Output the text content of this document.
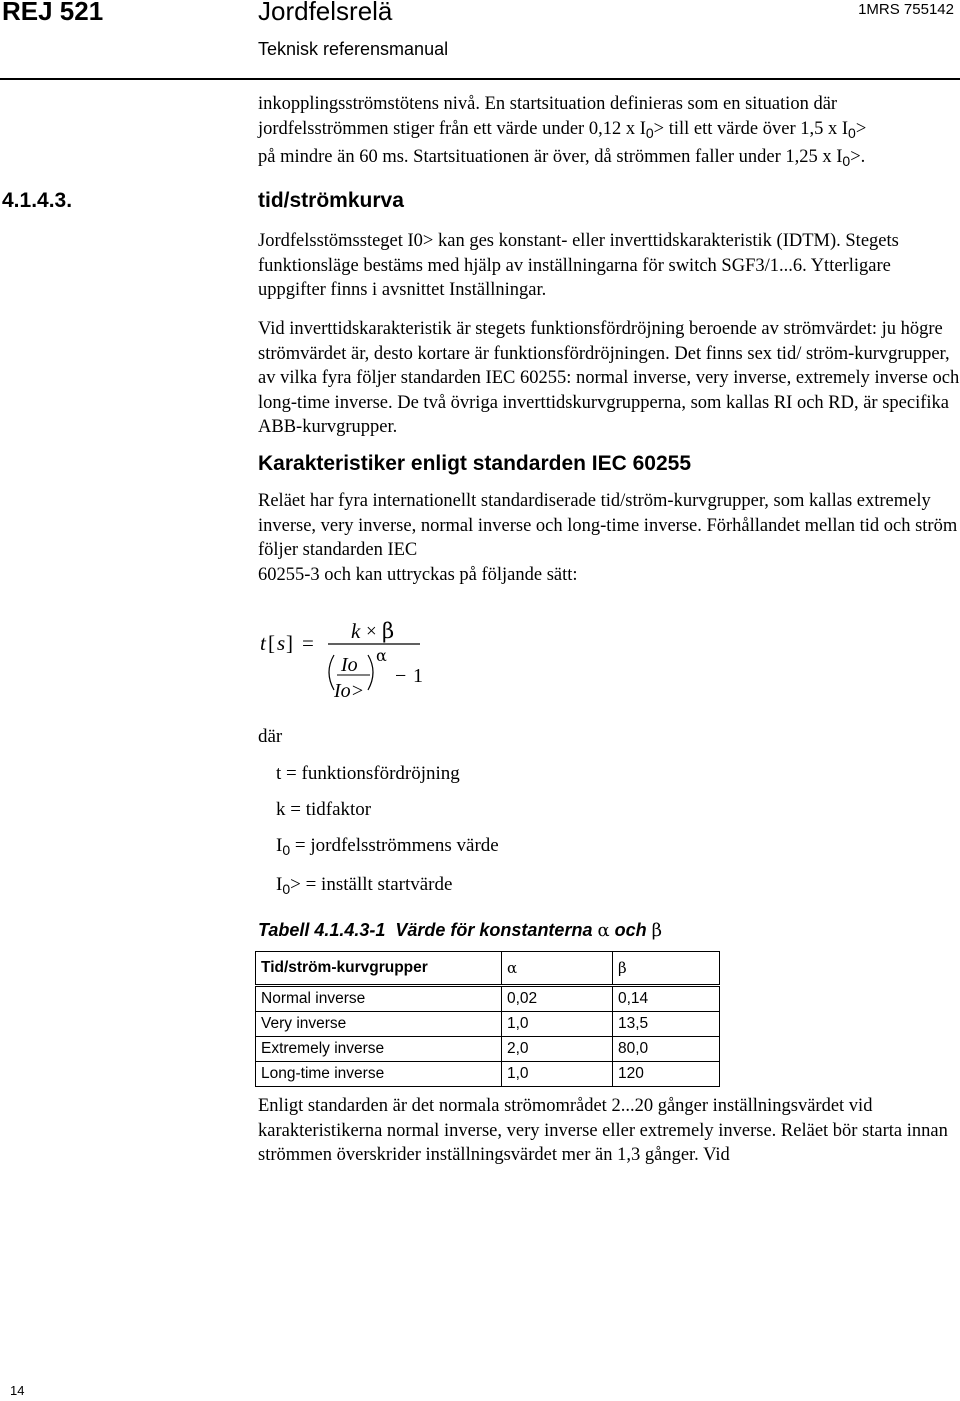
REJ 521	Jordfelsrelä	1MRS 755142
Teknisk referensmanual
inkopplingsströmstötens nivå. En startsituation definieras som en situation där
jordfelsströmmen stiger från ett värde under 0,12 x $I_0>$ till ett värde över 1,5 x $I_0>$
på mindre än 60 ms. Startsituationen är över, då strömmen faller under 1,25 x $I_0>$.
4.1.4.3.	tid/strömkurva

Jordfelsstömssteget I0> kan ges konstant- eller inverttidskarakteristik (IDTM). Stegets funktionsläge bestäms med hjälp av inställningarna för switch SGF3/1...6. Ytterligare uppgifter finns i avsnittet Inställningar.

Vid inverttidskarakteristik är stegets funktionsfördröjning beroende av strömvärdet: ju högre strömvärdet är, desto kortare är funktionsfördröjningen. Det finns sex tid/ ström-kurvgrupper, av vilka fyra följer standarden IEC 60255: normal inverse, very inverse, extremely inverse och long-time inverse. De två övriga inverttidskurvgrupperna, som kallas RI och RD, är specifika ABB-kurvgrupper.

Karakteristiker enligt standarden IEC 60255

Reläet har fyra internationellt standardiserade tid/ström-kurvgrupper, som kallas extremely inverse, very inverse, normal inverse och long-time inverse. Förhållandet mellan tid och ström följer standarden IEC
60255-3 och kan uttryckas på följande sätt:

t [ s ] = k × β
Io
Io>
α
− 1
där
t = funktionsfördröjning
k = tidfaktor
$I_0$ = jordfelsströmmens värde
$I_0>$ = inställt startvärde
Tabell 4.1.4.3-1  Värde för konstanterna α och β
Tid/ström-kurvgrupper	α	β
Normal inverse	0,02	0,14
Very inverse	1,0	13,5
Extremely inverse	2,0	80,0
Long-time inverse	1,0	120

Enligt standarden är det normala strömområdet 2...20 gånger inställningsvärdet vid karakteristikerna normal inverse, very inverse eller extremely inverse. Reläet bör starta innan strömmen överskrider inställningsvärdet mer än 1,3 gånger. Vid

14
